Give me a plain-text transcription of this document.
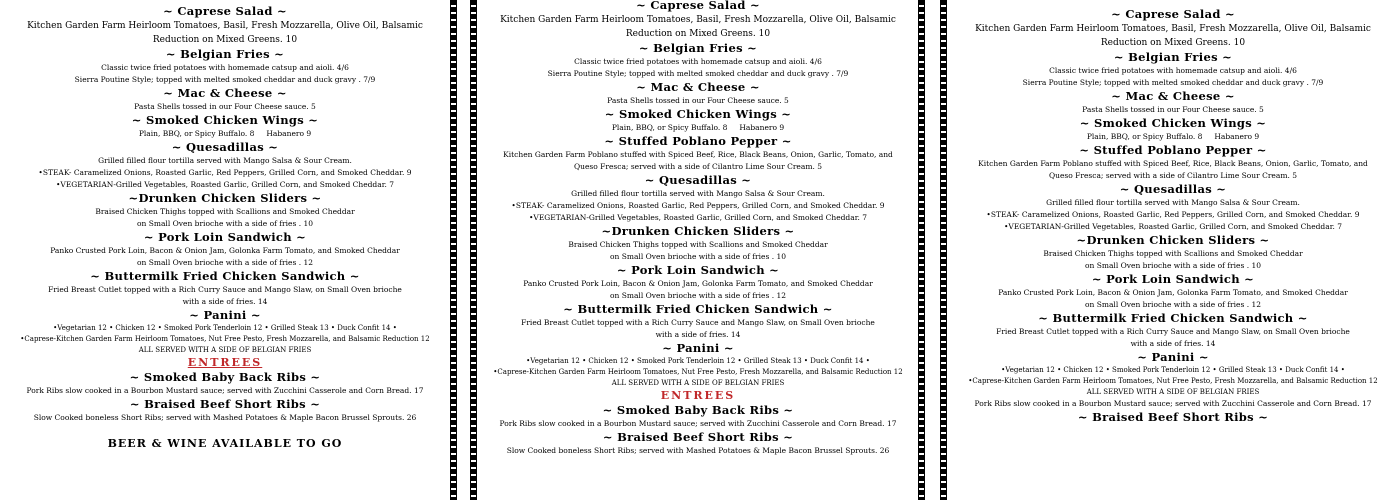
~ Caprese Salad ~
Kitchen Garden Farm Heirloom Tomatoes, Basil, Fresh Mozzarella, Olive Oil, Balsamic
Reduction on Mixed Greens. 10
~ Belgian Fries ~
Classic twice fried potatoes with homemade catsup and aioli. 4/6
Sierra Poutine Style; topped with melted smoked cheddar and duck gravy . 7/9
~ Mac & Cheese ~
Pasta Shells tossed in our Four Cheese sauce. 5
~ Smoked Chicken Wings ~
Plain, BBQ, or Spicy Buffalo. 8     Habanero 9
~ Quesadillas ~
Grilled filled flour tortilla served with Mango Salsa & Sour Cream.
•STEAK- Caramelized Onions, Roasted Garlic, Red Peppers, Grilled Corn, and Smoked Cheddar. 9
•VEGETARIAN-Grilled Vegetables, Roasted Garlic, Grilled Corn, and Smoked Cheddar. 7
~Drunken Chicken Sliders ~
Braised Chicken Thighs topped with Scallions and Smoked Cheddar
on Small Oven brioche with a side of fries . 10
~ Pork Loin Sandwich ~
Panko Crusted Pork Loin, Bacon & Onion Jam, Golonka Farm Tomato, and Smoked Cheddar
on Small Oven brioche with a side of fries . 12
~ Buttermilk Fried Chicken Sandwich ~
Fried Breast Cutlet topped with a Rich Curry Sauce and Mango Slaw, on Small Oven brioche
with a side of fries. 14
~ Panini ~
•Vegetarian 12 • Chicken 12 • Smoked Pork Tenderloin 12 • Grilled Steak 13 • Duck Confit 14 •
•Caprese-Kitchen Garden Farm Heirloom Tomatoes, Nut Free Pesto, Fresh Mozzarella, and Balsamic Reduction 12
ALL SERVED WITH A SIDE OF BELGIAN FRIES
ENTREES
~ Smoked Baby Back Ribs ~
Pork Ribs slow cooked in a Bourbon Mustard sauce; served with Zucchini Casserole and Corn Bread. 17
~ Braised Beef Short Ribs ~
Slow Cooked boneless Short Ribs; served with Mashed Potatoes & Maple Bacon Brussel Sprouts. 26
BEER & WINE AVAILABLE TO GO
~ Caprese Salad ~
Kitchen Garden Farm Heirloom Tomatoes, Basil, Fresh Mozzarella, Olive Oil, Balsamic
Reduction on Mixed Greens. 10
~ Belgian Fries ~
Classic twice fried potatoes with homemade catsup and aioli. 4/6
Sierra Poutine Style; topped with melted smoked cheddar and duck gravy . 7/9
~ Mac & Cheese ~
Pasta Shells tossed in our Four Cheese sauce. 5
~ Smoked Chicken Wings ~
Plain, BBQ, or Spicy Buffalo. 8     Habanero 9
~ Stuffed Poblano Pepper ~
Kitchen Garden Farm Poblano stuffed with Spiced Beef, Rice, Black Beans, Onion, Garlic, Tomato, and
Queso Fresca; served with a side of Cilantro Lime Sour Cream. 5
~ Quesadillas ~
Grilled filled flour tortilla served with Mango Salsa & Sour Cream.
•STEAK- Caramelized Onions, Roasted Garlic, Red Peppers, Grilled Corn, and Smoked Cheddar. 9
•VEGETARIAN-Grilled Vegetables, Roasted Garlic, Grilled Corn, and Smoked Cheddar. 7
~Drunken Chicken Sliders ~
Braised Chicken Thighs topped with Scallions and Smoked Cheddar
on Small Oven brioche with a side of fries . 10
~ Pork Loin Sandwich ~
Panko Crusted Pork Loin, Bacon & Onion Jam, Golonka Farm Tomato, and Smoked Cheddar
on Small Oven brioche with a side of fries . 12
~ Buttermilk Fried Chicken Sandwich ~
Fried Breast Cutlet topped with a Rich Curry Sauce and Mango Slaw, on Small Oven brioche
with a side of fries. 14
~ Panini ~
•Vegetarian 12 • Chicken 12 • Smoked Pork Tenderloin 12 • Grilled Steak 13 • Duck Confit 14 •
•Caprese-Kitchen Garden Farm Heirloom Tomatoes, Nut Free Pesto, Fresh Mozzarella, and Balsamic Reduction 12
ALL SERVED WITH A SIDE OF BELGIAN FRIES
ENTREES
~ Smoked Baby Back Ribs ~
Pork Ribs slow cooked in a Bourbon Mustard sauce; served with Zucchini Casserole and Corn Bread. 17
~ Braised Beef Short Ribs ~
Slow Cooked boneless Short Ribs; served with Mashed Potatoes & Maple Bacon Brussel Sprouts. 26
~ Caprese Salad ~
Kitchen Garden Farm Heirloom Tomatoes, Basil, Fresh Mozzarella, Olive Oil, Balsamic
Reduction on Mixed Greens. 10
~ Belgian Fries ~
Classic twice fried potatoes with homemade catsup and aioli. 4/6
Sierra Poutine Style; topped with melted smoked cheddar and duck gravy . 7/9
~ Mac & Cheese ~
Pasta Shells tossed in our Four Cheese sauce. 5
~ Smoked Chicken Wings ~
Plain, BBQ, or Spicy Buffalo. 8     Habanero 9
~ Stuffed Poblano Pepper ~
Kitchen Garden Farm Poblano stuffed with Spiced Beef, Rice, Black Beans, Onion, Garlic, Tomato, and
Queso Fresca; served with a side of Cilantro Lime Sour Cream. 5
~ Quesadillas ~
Grilled filled flour tortilla served with Mango Salsa & Sour Cream.
•STEAK- Caramelized Onions, Roasted Garlic, Red Peppers, Grilled Corn, and Smoked Cheddar. 9
•VEGETARIAN-Grilled Vegetables, Roasted Garlic, Grilled Corn, and Smoked Cheddar. 7
~Drunken Chicken Sliders ~
Braised Chicken Thighs topped with Scallions and Smoked Cheddar
on Small Oven brioche with a side of fries . 10
~ Pork Loin Sandwich ~
Panko Crusted Pork Loin, Bacon & Onion Jam, Golonka Farm Tomato, and Smoked Cheddar
on Small Oven brioche with a side of fries . 12
~ Buttermilk Fried Chicken Sandwich ~
Fried Breast Cutlet topped with a Rich Curry Sauce and Mango Slaw, on Small Oven brioche
with a side of fries. 14
~ Panini ~
•Vegetarian 12 • Chicken 12 • Smoked Pork Tenderloin 12 • Grilled Steak 13 • Duck Confit 14 •
•Caprese-Kitchen Garden Farm Heirloom Tomatoes, Nut Free Pesto, Fresh Mozzarella, and Balsamic Reduction 12
ALL SERVED WITH A SIDE OF BELGIAN FRIES
Pork Ribs slow cooked in a Bourbon Mustard sauce; served with Zucchini Casserole and Corn Bread. 17
~ Braised Beef Short Ribs ~
